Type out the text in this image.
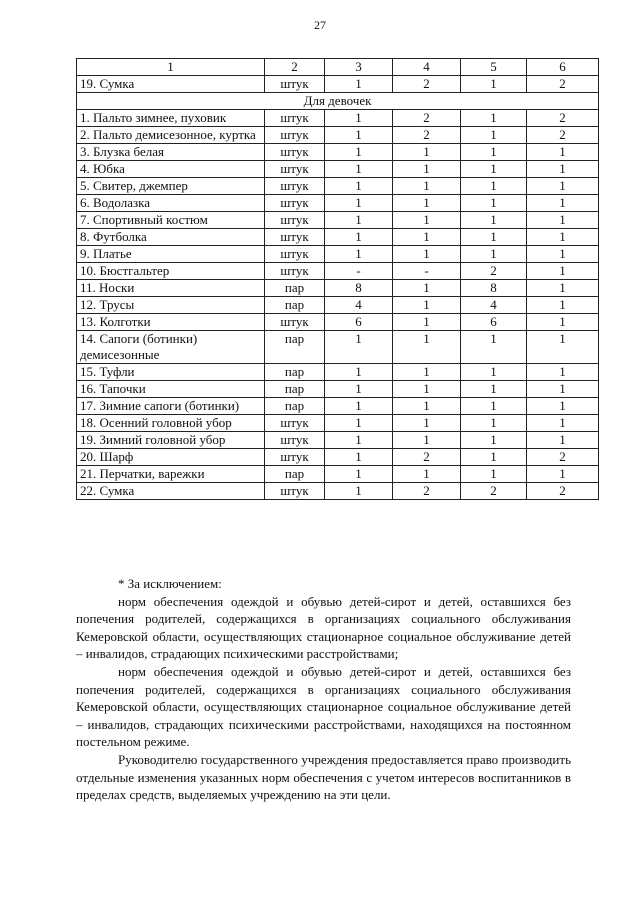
27
1	2	3	4	5	6
19. Сумка	штук	1	2	1	2
Для девочек					
1. Пальто зимнее, пуховик	штук	1	2	1	2
2. Пальто демисезонное, куртка	штук	1	2	1	2
3. Блузка белая	штук	1	1	1	1
4. Юбка	штук	1	1	1	1
5. Свитер, джемпер	штук	1	1	1	1
6. Водолазка	штук	1	1	1	1
7. Спортивный костюм	штук	1	1	1	1
8. Футболка	штук	1	1	1	1
9. Платье	штук	1	1	1	1
10. Бюстгальтер	штук	-	-	2	1
11. Носки	пар	8	1	8	1
12. Трусы	пар	4	1	4	1
13. Колготки	штук	6	1	6	1
14. Сапоги (ботинки) демисезонные	пар	1	1	1	1
15. Туфли	пар	1	1	1	1
16. Тапочки	пар	1	1	1	1
17. Зимние сапоги (ботинки)	пар	1	1	1	1
18. Осенний головной убор	штук	1	1	1	1
19. Зимний головной убор	штук	1	1	1	1
20. Шарф	штук	1	2	1	2
21. Перчатки, варежки	пар	1	1	1	1
22. Сумка	штук	1	2	2	2

* За исключением:

норм обеспечения одеждой и обувью детей-сирот и детей, оставшихся без попечения родителей, содержащихся в организациях социального обслуживания Кемеровской области, осуществляющих стационарное социальное обслуживание детей – инвалидов, страдающих психическими расстройствами;

норм обеспечения одеждой и обувью детей-сирот и детей, оставшихся без попечения родителей, содержащихся в организациях социального обслуживания Кемеровской области, осуществляющих стационарное социальное обслуживание детей – инвалидов, страдающих психическими расстройствами, находящихся на постоянном постельном режиме.

Руководителю государственного учреждения предоставляется право производить отдельные изменения указанных норм обеспечения с учетом интересов воспитанников в пределах средств, выделяемых учреждению на эти цели.
